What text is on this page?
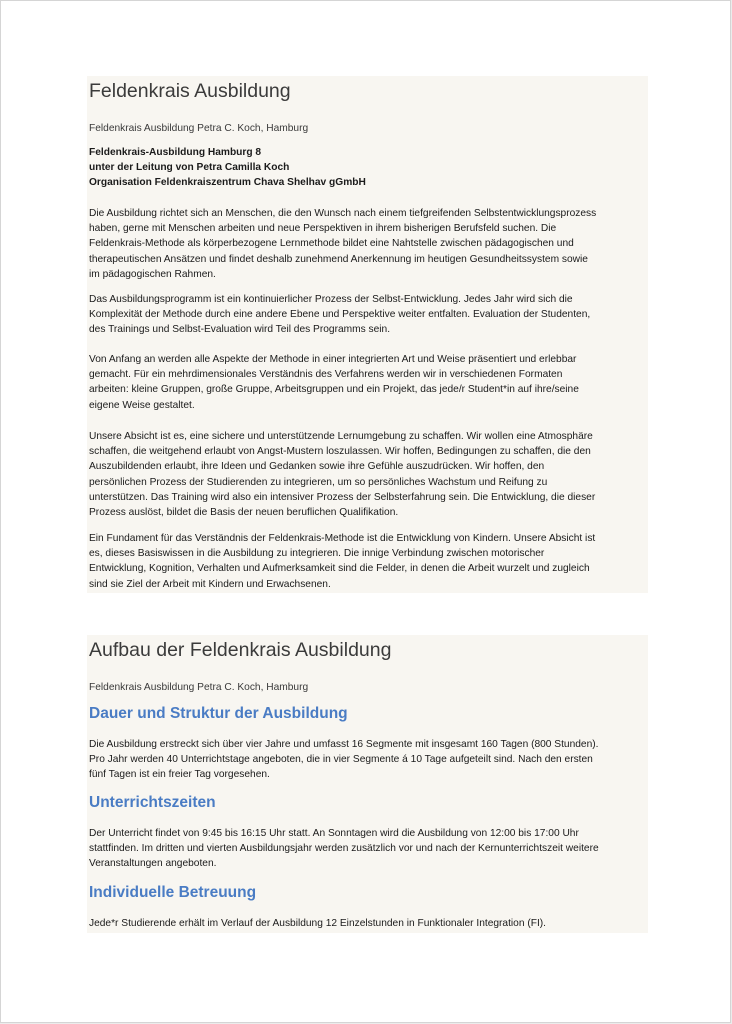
Feldenkrais Ausbildung
Feldenkrais Ausbildung Petra C. Koch, Hamburg
Feldenkrais-Ausbildung Hamburg 8
unter der Leitung von Petra Camilla Koch
Organisation Feldenkraiszentrum Chava Shelhav gGmbH
Die Ausbildung richtet sich an Menschen, die den Wunsch nach einem tiefgreifenden Selbstentwicklungsprozess
haben, gerne mit Menschen arbeiten und neue Perspektiven in ihrem bisherigen Berufsfeld suchen. Die
Feldenkrais-Methode als körperbezogene Lernmethode bildet eine Nahtstelle zwischen pädagogischen und
therapeutischen Ansätzen und findet deshalb zunehmend Anerkennung im heutigen Gesundheitssystem sowie
im pädagogischen Rahmen.
Das Ausbildungsprogramm ist ein kontinuierlicher Prozess der Selbst-Entwicklung. Jedes Jahr wird sich die
Komplexität der Methode durch eine andere Ebene und Perspektive weiter entfalten. Evaluation der Studenten,
des Trainings und Selbst-Evaluation wird Teil des Programms sein.
Von Anfang an werden alle Aspekte der Methode in einer integrierten Art und Weise präsentiert und erlebbar
gemacht. Für ein mehrdimensionales Verständnis des Verfahrens werden wir in verschiedenen Formaten
arbeiten: kleine Gruppen, große Gruppe, Arbeitsgruppen und ein Projekt, das jede/r Student*in auf ihre/seine
eigene Weise gestaltet.
Unsere Absicht ist es, eine sichere und unterstützende Lernumgebung zu schaffen. Wir wollen eine Atmosphäre
schaffen, die weitgehend erlaubt von Angst-Mustern loszulassen. Wir hoffen, Bedingungen zu schaffen, die den
Auszubildenden erlaubt, ihre Ideen und Gedanken sowie ihre Gefühle auszudrücken. Wir hoffen, den
persönlichen Prozess der Studierenden zu integrieren, um so persönliches Wachstum und Reifung zu
unterstützen. Das Training wird also ein intensiver Prozess der Selbsterfahrung sein. Die Entwicklung, die dieser
Prozess auslöst, bildet die Basis der neuen beruflichen Qualifikation.
Ein Fundament für das Verständnis der Feldenkrais-Methode ist die Entwicklung von Kindern. Unsere Absicht ist
es, dieses Basiswissen in die Ausbildung zu integrieren. Die innige Verbindung zwischen motorischer
Entwicklung, Kognition, Verhalten und Aufmerksamkeit sind die Felder, in denen die Arbeit wurzelt und zugleich
sind sie Ziel der Arbeit mit Kindern und Erwachsenen.
Aufbau der Feldenkrais Ausbildung
Feldenkrais Ausbildung Petra C. Koch, Hamburg
Dauer und Struktur der Ausbildung
Die Ausbildung erstreckt sich über vier Jahre und umfasst 16 Segmente mit insgesamt 160 Tagen (800 Stunden).
Pro Jahr werden 40 Unterrichtstage angeboten, die in vier Segmente á 10 Tage aufgeteilt sind. Nach den ersten
fünf Tagen ist ein freier Tag vorgesehen.
Unterrichtszeiten
Der Unterricht findet von 9:45 bis 16:15 Uhr statt. An Sonntagen wird die Ausbildung von 12:00 bis 17:00 Uhr
stattfinden. Im dritten und vierten Ausbildungsjahr werden zusätzlich vor und nach der Kernunterrichtszeit weitere
Veranstaltungen angeboten.
Individuelle Betreuung
Jede*r Studierende erhält im Verlauf der Ausbildung 12 Einzelstunden in Funktionaler Integration (FI).
